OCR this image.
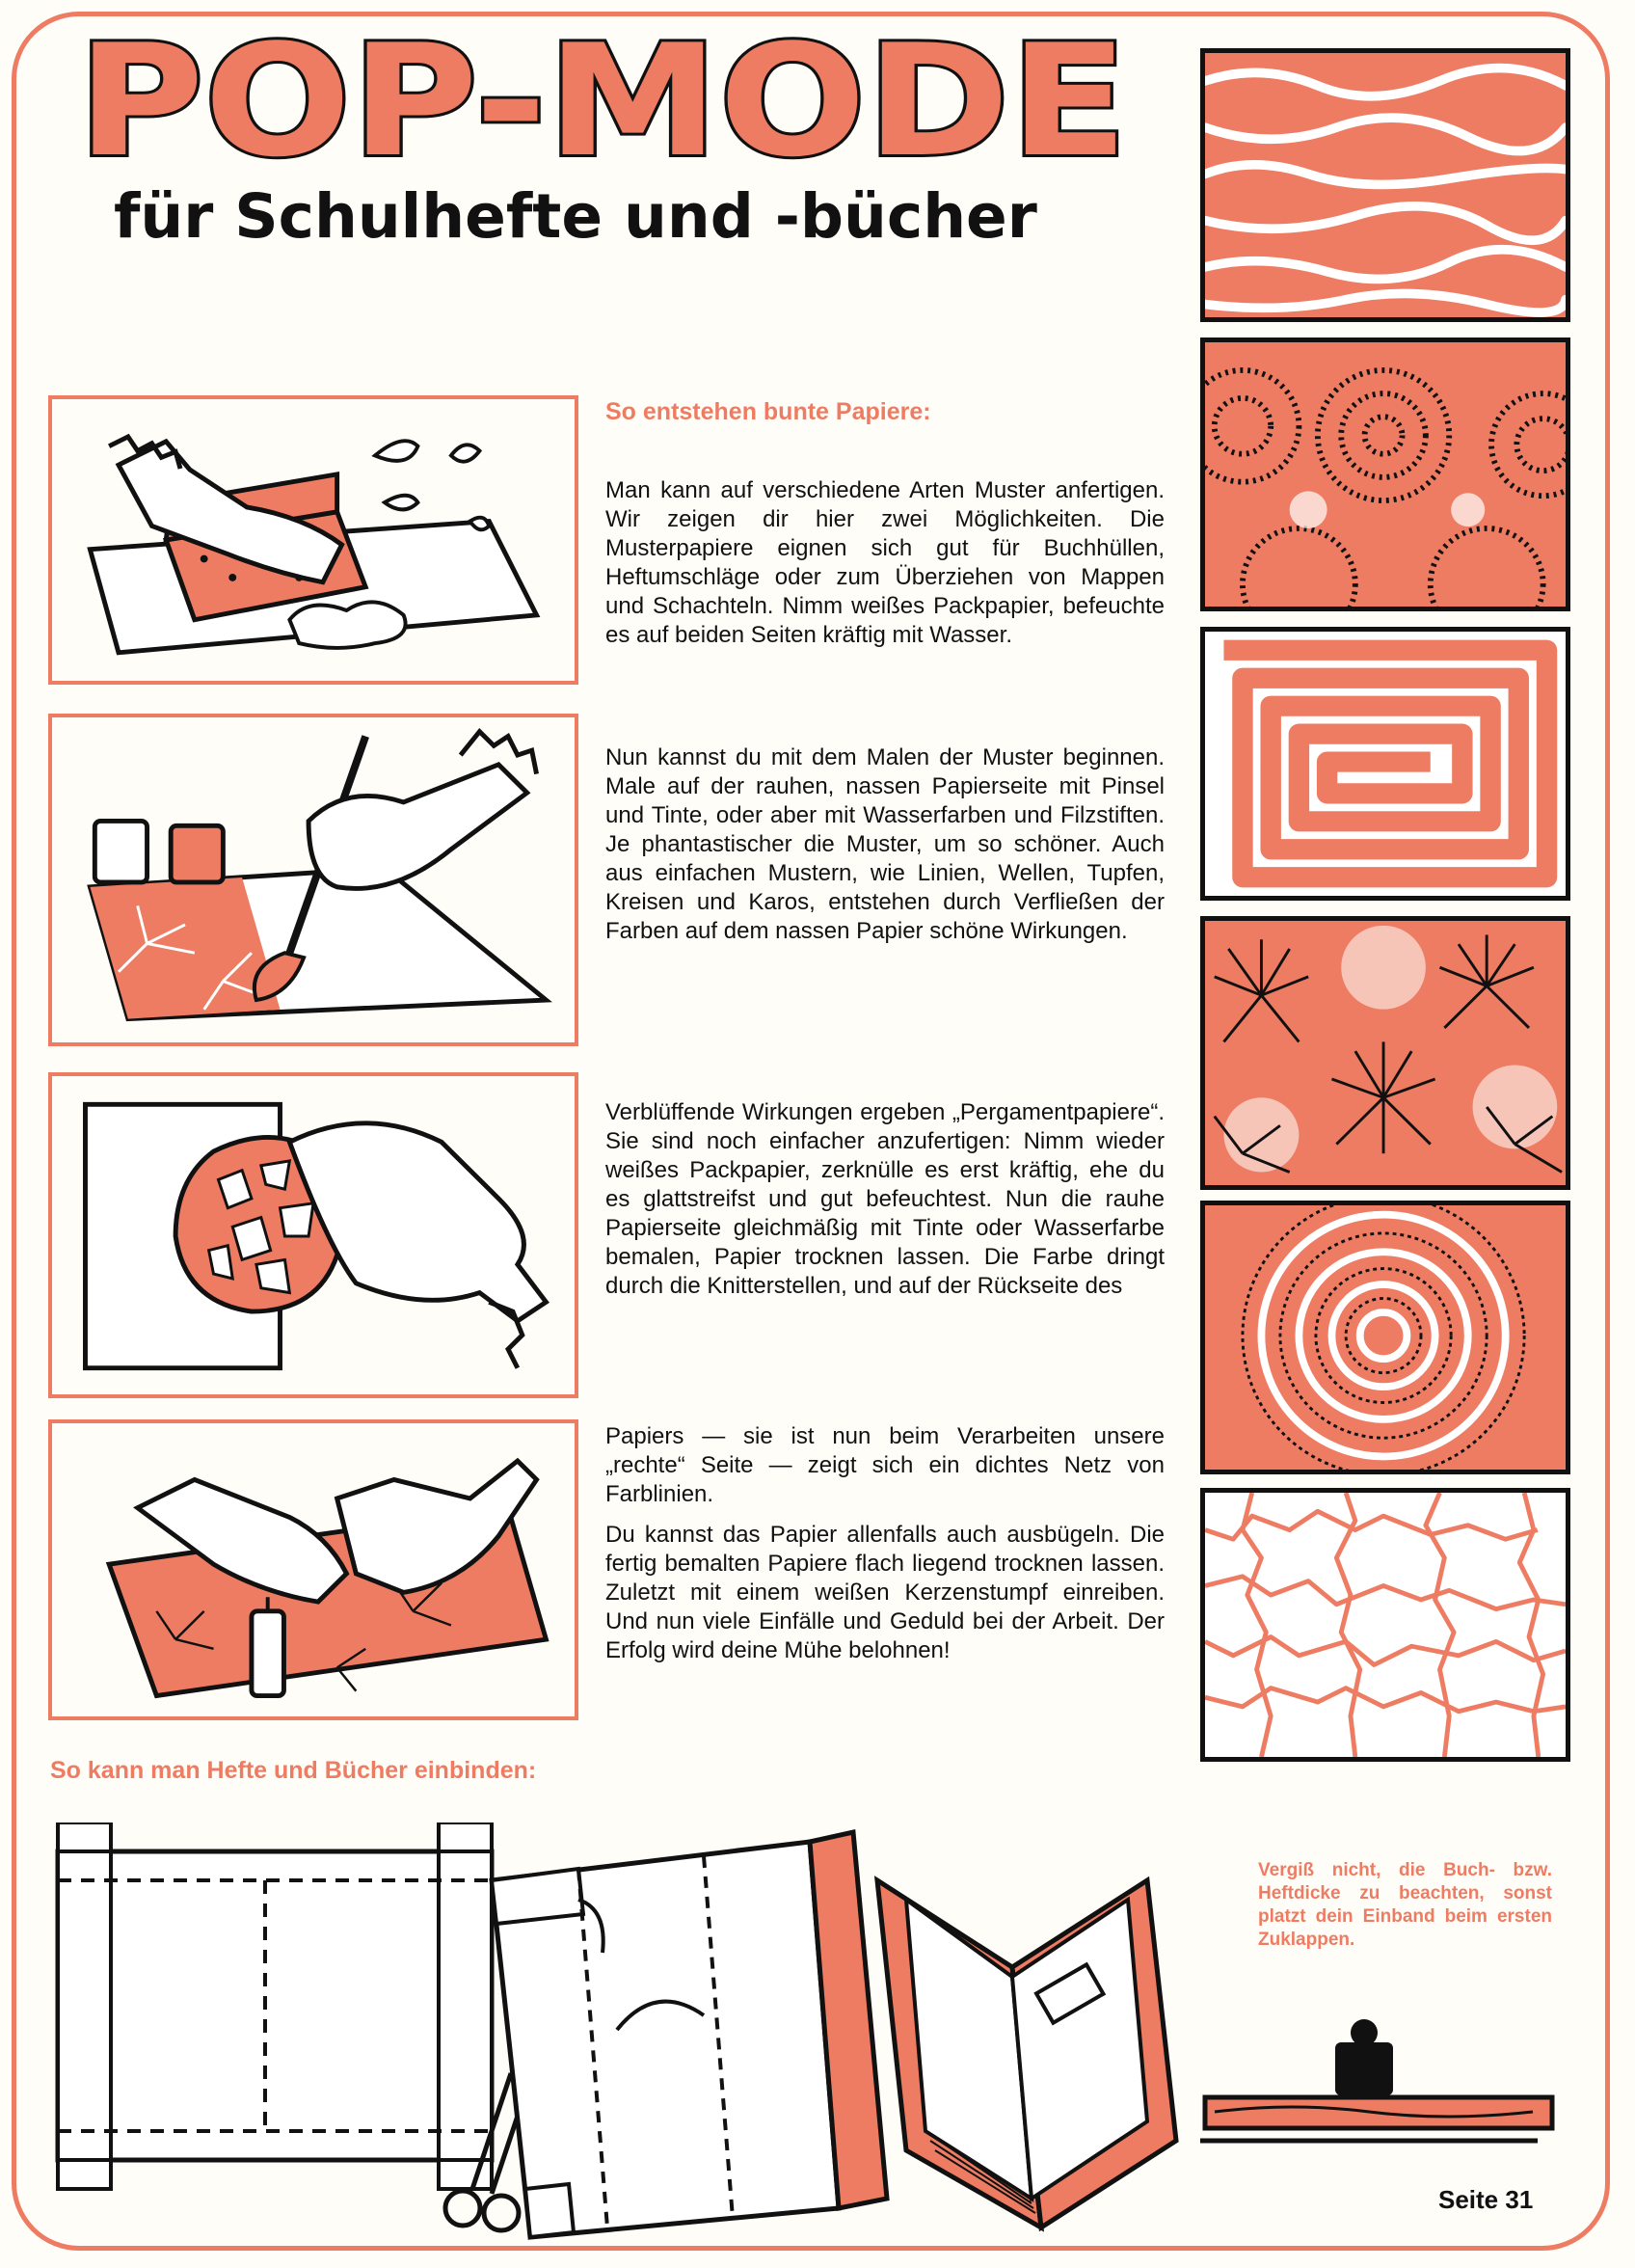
POP-MODE
für Schulhefte und -bücher
So entstehen bunte Papiere:

Man kann auf verschiedene Arten Muster anfertigen. Wir zeigen dir hier zwei Möglichkeiten. Die Musterpapiere eignen sich gut für Buchhüllen, Heftumschläge oder zum Überziehen von Mappen und Schachteln. Nimm weißes Packpapier, befeuchte es auf beiden Seiten kräftig mit Wasser.

Nun kannst du mit dem Malen der Muster beginnen. Male auf der rauhen, nassen Papierseite mit Pinsel und Tinte, oder aber mit Wasserfarben und Filzstiften. Je phantastischer die Muster, um so schöner. Auch aus einfachen Mustern, wie Linien, Wellen, Tupfen, Kreisen und Karos, entstehen durch Verfließen der Farben auf dem nassen Papier schöne Wirkungen.

Verblüffende Wirkungen ergeben „Pergamentpapiere“. Sie sind noch einfacher anzufertigen: Nimm wieder weißes Packpapier, zerknülle es erst kräftig, ehe du es glattstreifst und gut befeuchtest. Nun die rauhe Papierseite gleichmäßig mit Tinte oder Wasserfarbe bemalen, Papier trocknen lassen. Die Farbe dringt durch die Knitterstellen, und auf der Rückseite des

Papiers — sie ist nun beim Verarbeiten unsere „rechte“ Seite — zeigt sich ein dichtes Netz von Farblinien.

Du kannst das Papier allenfalls auch ausbügeln. Die fertig bemalten Papiere flach liegend trocknen lassen. Zuletzt mit einem weißen Kerzenstumpf einreiben. Und nun viele Einfälle und Geduld bei der Arbeit. Der Erfolg wird deine Mühe belohnen!

So kann man Hefte und Bücher einbinden:
Vergiß nicht, die Buch- bzw. Heftdicke zu beachten, sonst platzt dein Einband beim ersten Zuklappen.
Seite 31
